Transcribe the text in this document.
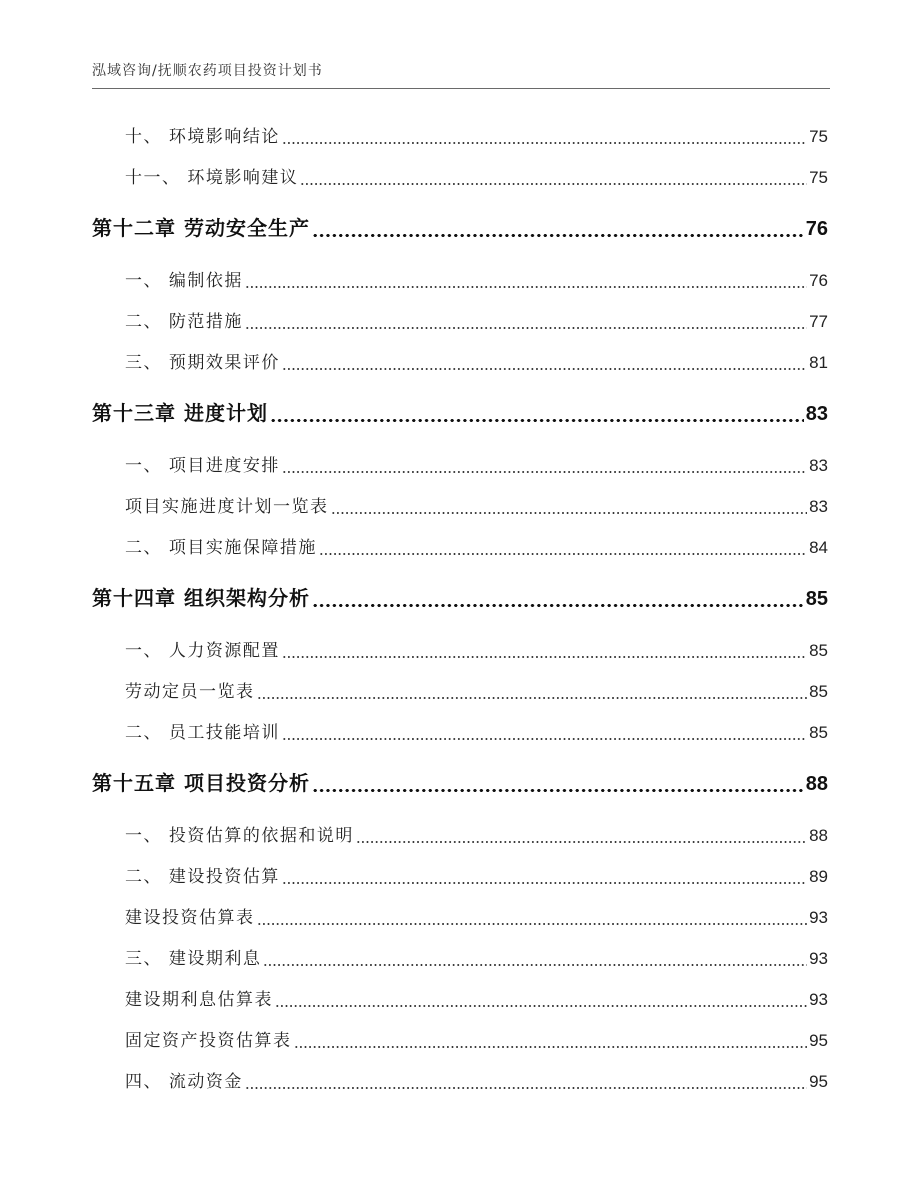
泓域咨询/抚顺农药项目投资计划书
十、 环境影响结论	75
十一、 环境影响建议	75
第十二章 劳动安全生产	76
一、 编制依据	76
二、 防范措施	77
三、 预期效果评价	81
第十三章 进度计划	83
一、 项目进度安排	83
项目实施进度计划一览表	83
二、 项目实施保障措施	84
第十四章 组织架构分析	85
一、 人力资源配置	85
劳动定员一览表	85
二、 员工技能培训	85
第十五章 项目投资分析	88
一、 投资估算的依据和说明	88
二、 建设投资估算	89
建设投资估算表	93
三、 建设期利息	93
建设期利息估算表	93
固定资产投资估算表	95
四、 流动资金	95
